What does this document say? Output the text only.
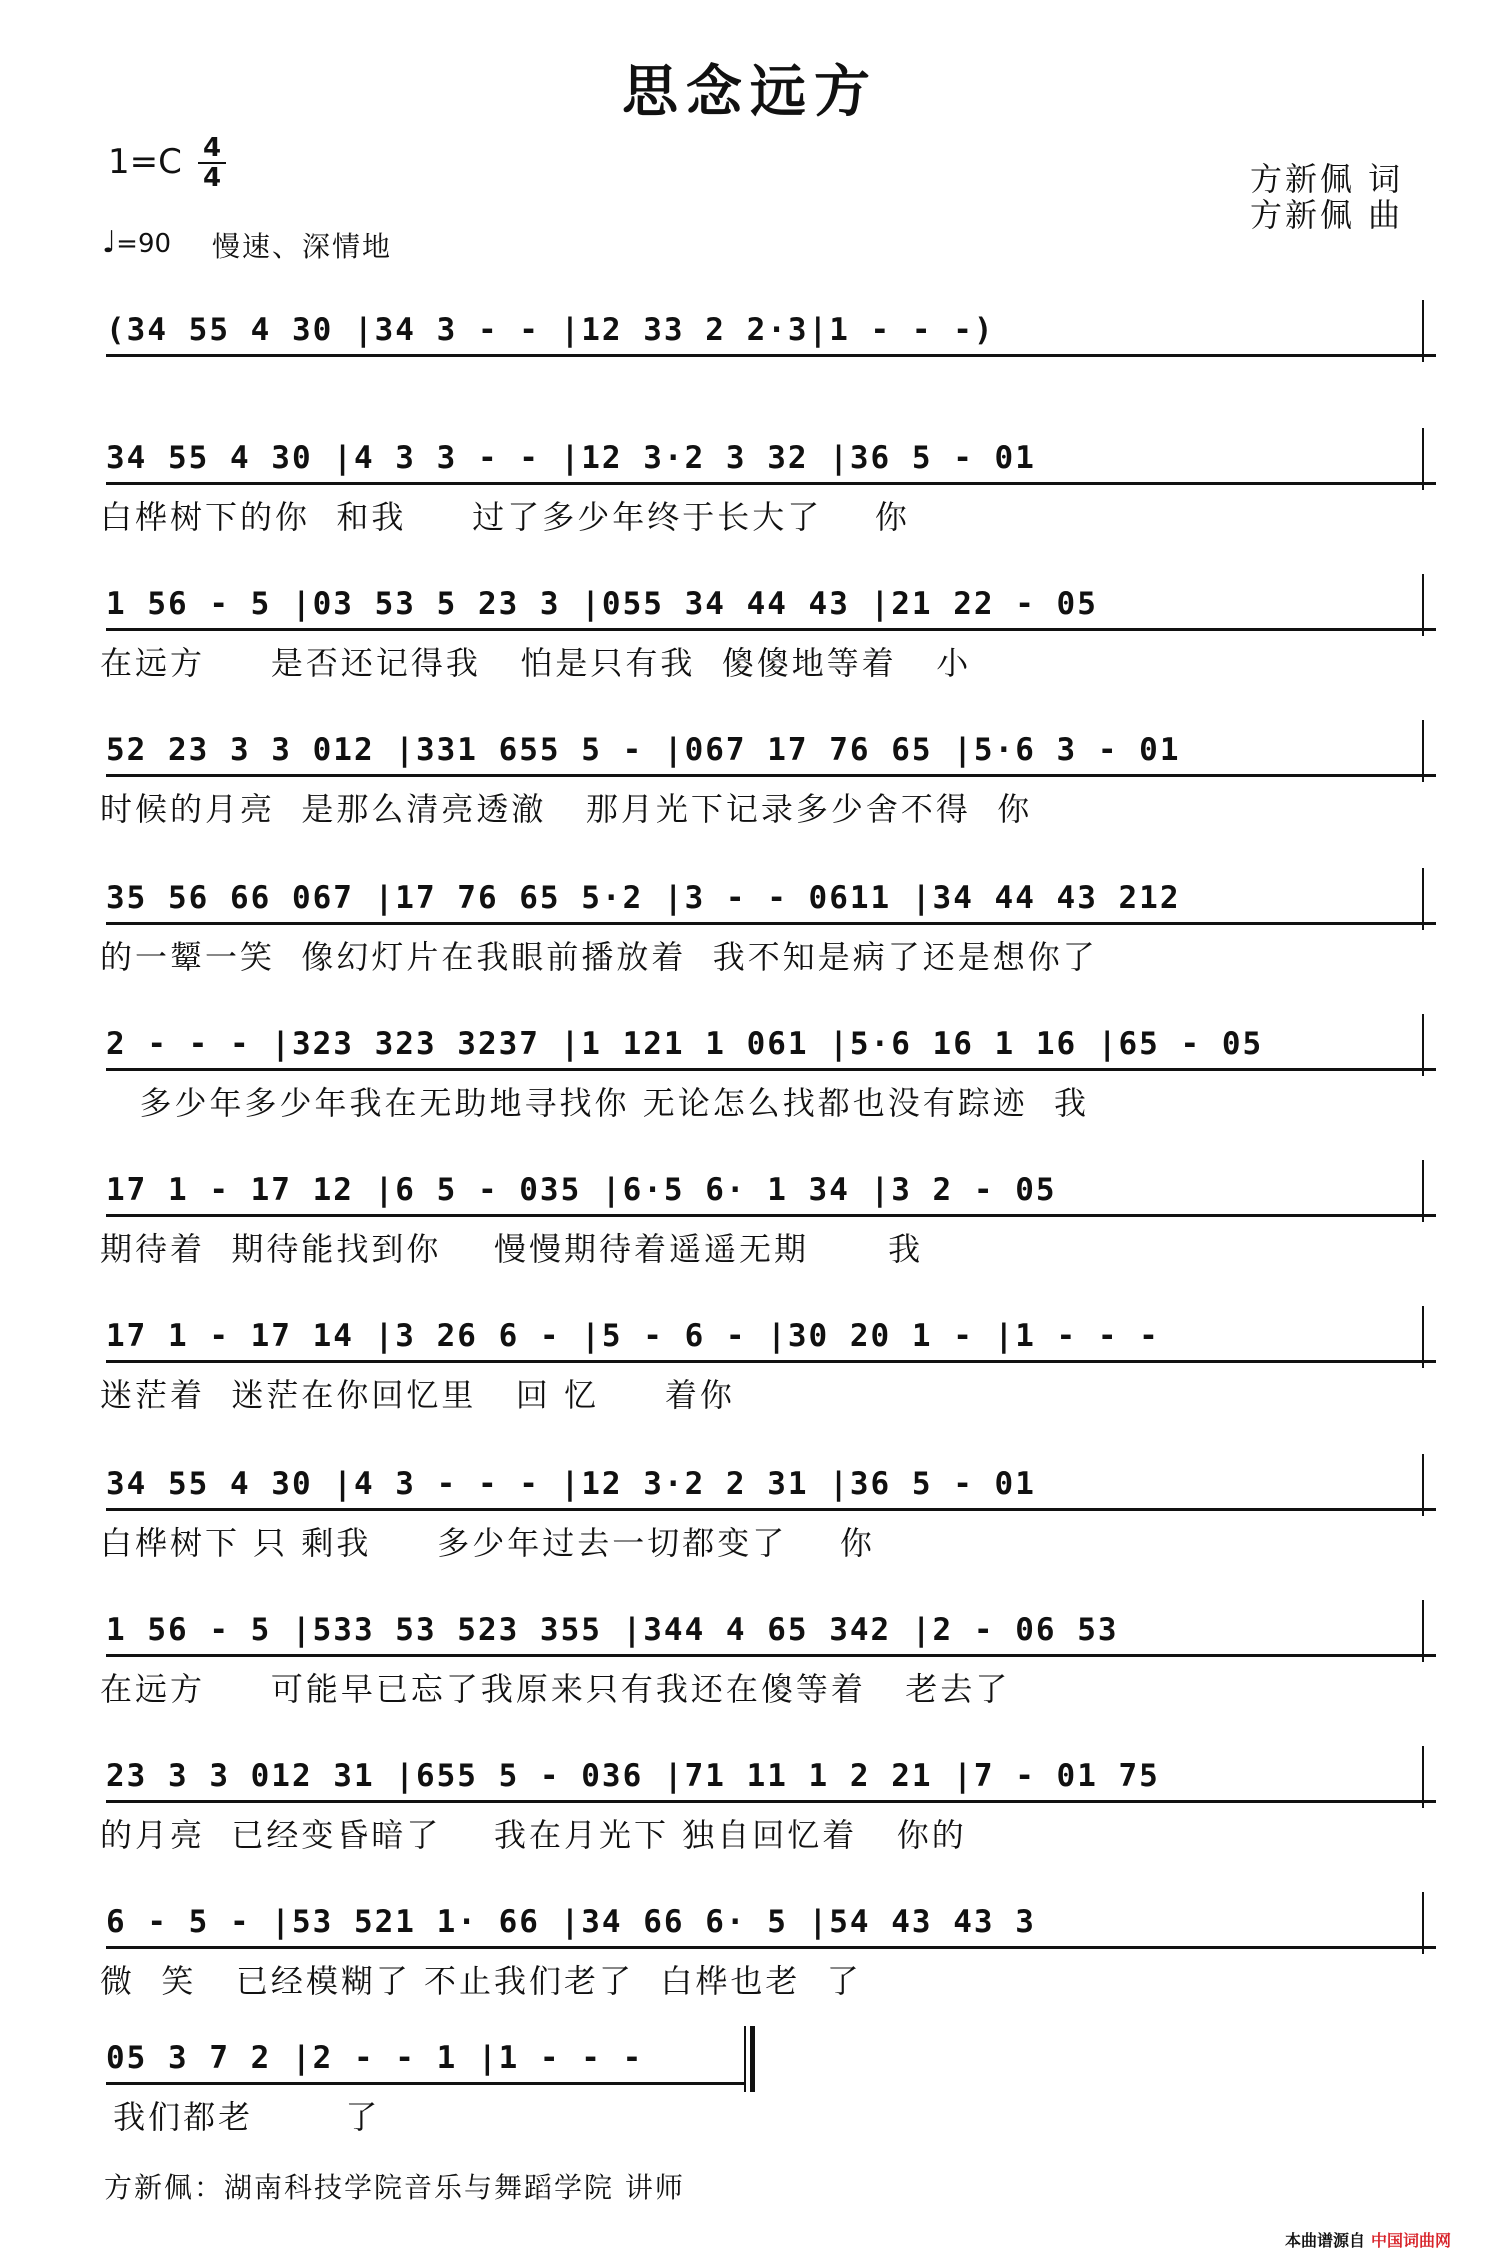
思念远方
1=C 4
4
♩=90 慢速、深情地
方新佩 词
方新佩 曲
(34 55 4 30 |34 3 - - |12 33 2 2·3|1 - - -)
34 55 4 30 |4 3 3 - - |12 3·2 3 32 |36 5 - 01
白桦树下的你  和我     过了多少年终于长大了    你
1 56 - 5 |03 53 5 23 3 |055 34 44 43 |21 22 - 05
在远方     是否还记得我   怕是只有我  傻傻地等着   小
52 23 3 3 012 |331 655 5 - |067 17 76 65 |5·6 3 - 01
时候的月亮  是那么清亮透澈   那月光下记录多少舍不得  你
35 56 66 067 |17 76 65 5·2 |3 - - 0611 |34 44 43 212
的一颦一笑  像幻灯片在我眼前播放着  我不知是病了还是想你了
2 - - - |323 323 3237 |1 121 1 061 |5·6 16 1 16 |65 - 05
多少年多少年我在无助地寻找你 无论怎么找都也没有踪迹  我
17 1 - 17 12 |6 5 - 035 |6·5 6· 1 34 |3 2 - 05
期待着  期待能找到你    慢慢期待着遥遥无期      我
17 1 - 17 14 |3 26 6 - |5 - 6 - |30 20 1 - |1 - - -
迷茫着  迷茫在你回忆里   回 忆     着你
34 55 4 30 |4 3 - - - |12 3·2 2 31 |36 5 - 01
白桦树下 只 剩我     多少年过去一切都变了    你
1 56 - 5 |533 53 523 355 |344 4 65 342 |2 - 06 53
在远方     可能早已忘了我原来只有我还在傻等着   老去了
23 3 3 012 31 |655 5 - 036 |71 11 1 2 21 |7 - 01 75
的月亮  已经变昏暗了    我在月光下 独自回忆着   你的
6 - 5 - |53 521 1· 66 |34 66 6· 5 |54 43 43 3
微  笑   已经模糊了 不止我们老了  白桦也老  了
05 3 7 2 |2 - - 1 |1 - - -
我们都老       了
方新佩：湖南科技学院音乐与舞蹈学院 讲师
本曲谱源自 中国词曲网
